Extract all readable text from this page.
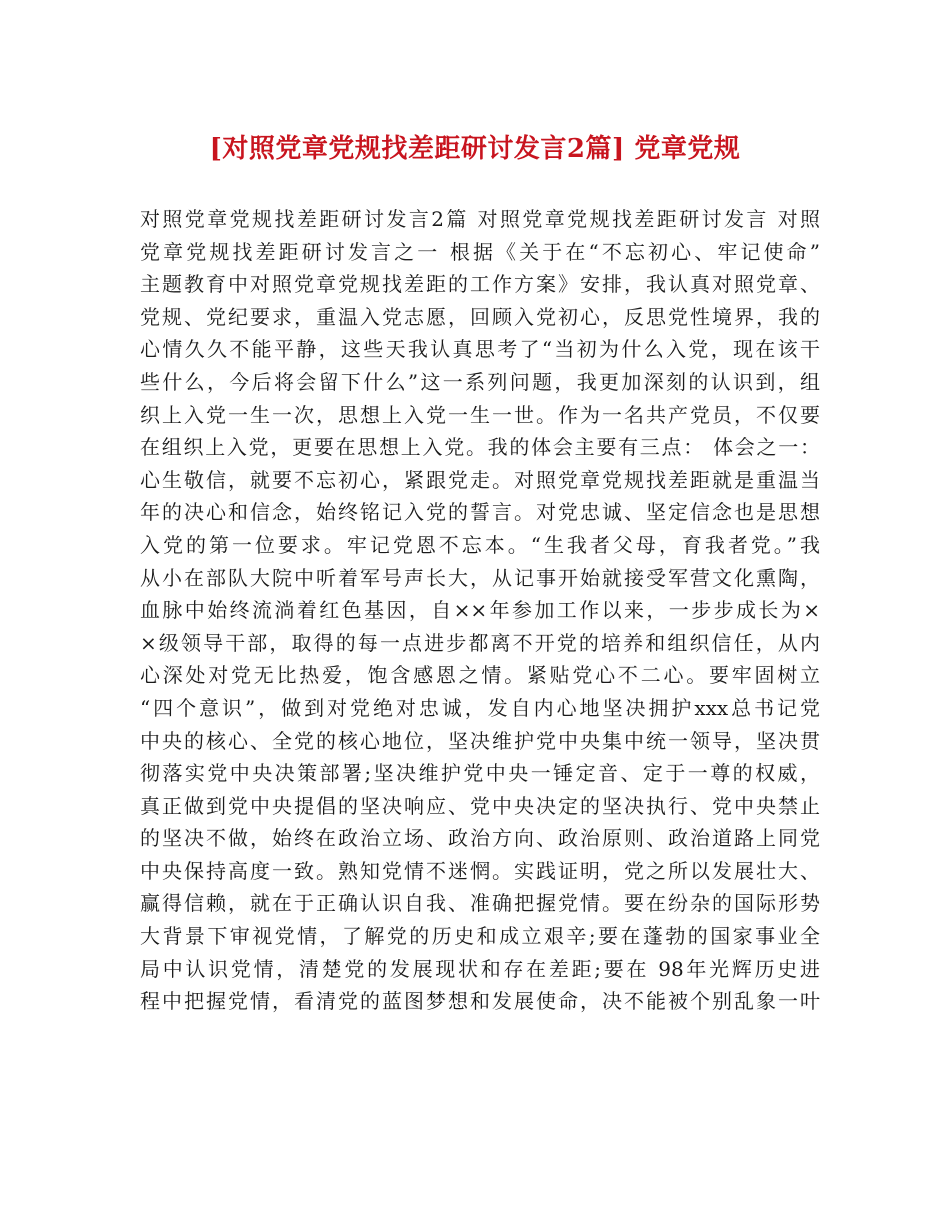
[对照党章党规找差距研讨发言2篇] 党章党规
对照党章党规找差距研讨发言2篇 对照党章党规找差距研讨发言 对照
党章党规找差距研讨发言之一 根据《关于在“不忘初心、牢记使命”
主题教育中对照党章党规找差距的工作方案》安排，我认真对照党章、
党规、党纪要求，重温入党志愿，回顾入党初心，反思党性境界，我的
心情久久不能平静，这些天我认真思考了“当初为什么入党，现在该干
些什么，今后将会留下什么”这一系列问题，我更加深刻的认识到，组
织上入党一生一次，思想上入党一生一世。作为一名共产党员，不仅要
在组织上入党，更要在思想上入党。我的体会主要有三点： 体会之一：
心生敬信，就要不忘初心，紧跟党走。对照党章党规找差距就是重温当
年的决心和信念，始终铭记入党的誓言。对党忠诚、坚定信念也是思想
入党的第一位要求。牢记党恩不忘本。“生我者父母，育我者党。”我
从小在部队大院中听着军号声长大，从记事开始就接受军营文化熏陶，
血脉中始终流淌着红色基因，自××年参加工作以来，一步步成长为×
×级领导干部，取得的每一点进步都离不开党的培养和组织信任，从内
心深处对党无比热爱，饱含感恩之情。紧贴党心不二心。要牢固树立
“四个意识”，做到对党绝对忠诚，发自内心地坚决拥护xxx总书记党
中央的核心、全党的核心地位，坚决维护党中央集中统一领导，坚决贯
彻落实党中央决策部署;坚决维护党中央一锤定音、定于一尊的权威，
真正做到党中央提倡的坚决响应、党中央决定的坚决执行、党中央禁止
的坚决不做，始终在政治立场、政治方向、政治原则、政治道路上同党
中央保持高度一致。熟知党情不迷惘。实践证明，党之所以发展壮大、
赢得信赖，就在于正确认识自我、准确把握党情。要在纷杂的国际形势
大背景下审视党情，了解党的历史和成立艰辛;要在蓬勃的国家事业全
局中认识党情，清楚党的发展现状和存在差距;要在 98年光辉历史进
程中把握党情，看清党的蓝图梦想和发展使命，决不能被个别乱象一叶
